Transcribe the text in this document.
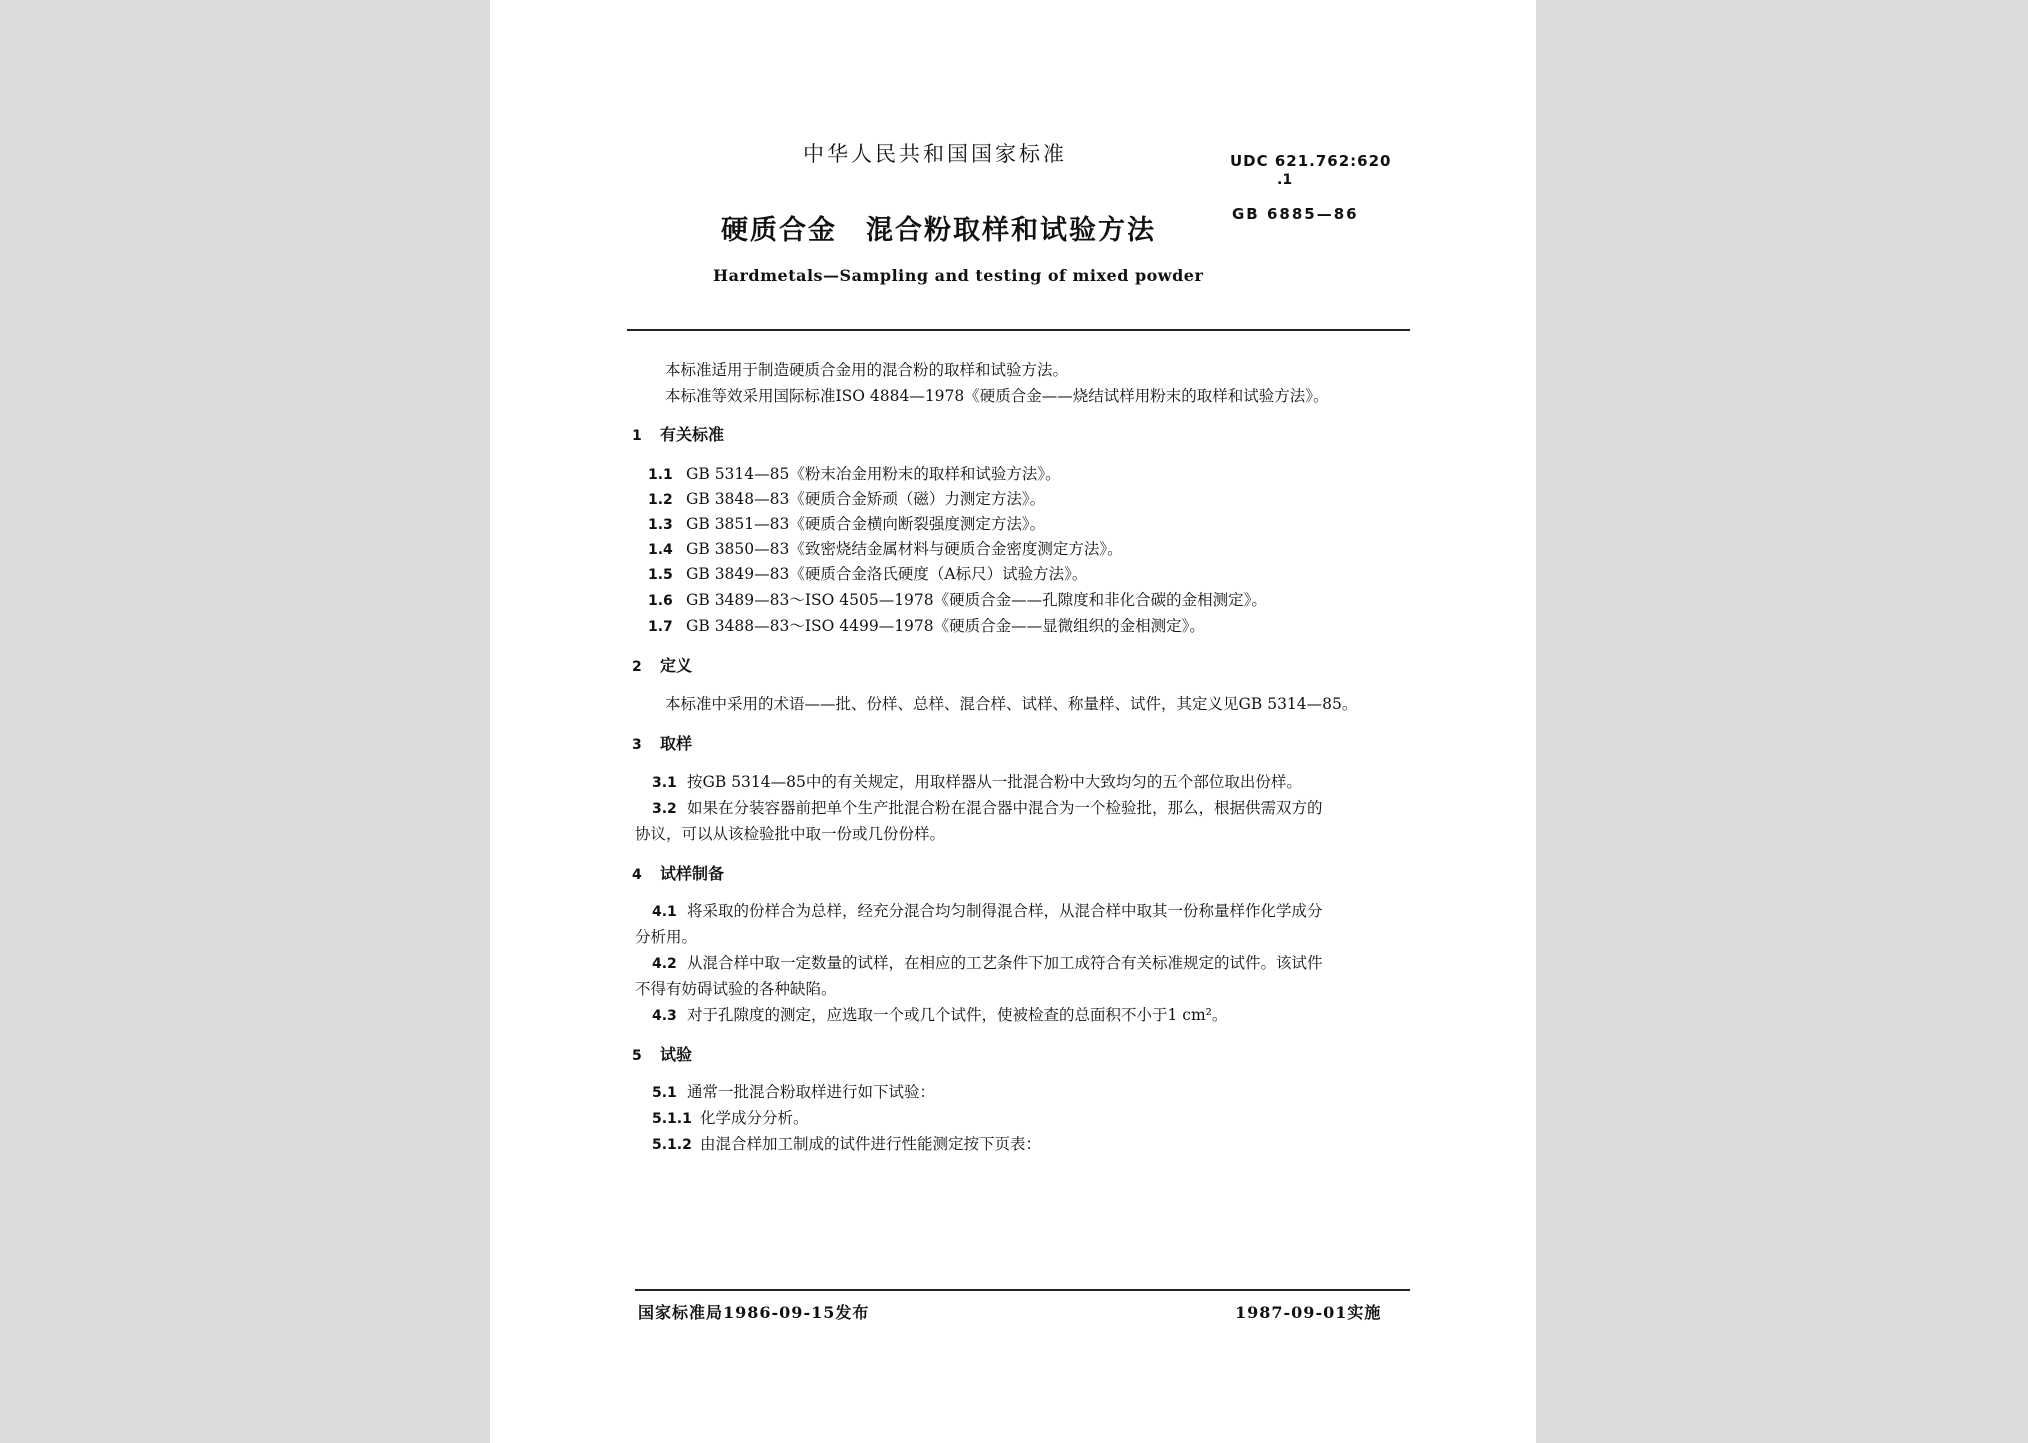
中华人民共和国国家标准	UDC 621.762:620
.1
GB 6885—86
硬质合金　混合粉取样和试验方法
Hardmetals—Sampling and testing of mixed powder
本标准适用于制造硬质合金用的混合粉的取样和试验方法。
本标准等效采用国际标准ISO 4884—1978《硬质合金——烧结试样用粉末的取样和试验方法》。
1 有关标准
1.1 GB 5314—85《粉末冶金用粉末的取样和试验方法》。
1.2 GB 3848—83《硬质合金矫顽（磁）力测定方法》。
1.3 GB 3851—83《硬质合金横向断裂强度测定方法》。
1.4 GB 3850—83《致密烧结金属材料与硬质合金密度测定方法》。
1.5 GB 3849—83《硬质合金洛氏硬度（A标尺）试验方法》。
1.6 GB 3489—83～ISO 4505—1978《硬质合金——孔隙度和非化合碳的金相测定》。
1.7 GB 3488—83～ISO 4499—1978《硬质合金——显微组织的金相测定》。
2 定义
本标准中采用的术语——批、份样、总样、混合样、试样、称量样、试件，其定义见GB 5314—85。
3 取样
3.1 按GB 5314—85中的有关规定，用取样器从一批混合粉中大致均匀的五个部位取出份样。
3.2 如果在分装容器前把单个生产批混合粉在混合器中混合为一个检验批，那么，根据供需双方的
协议，可以从该检验批中取一份或几份份样。
4 试样制备
4.1 将采取的份样合为总样，经充分混合均匀制得混合样，从混合样中取其一份称量样作化学成分
分析用。
4.2 从混合样中取一定数量的试样，在相应的工艺条件下加工成符合有关标准规定的试件。该试件
不得有妨碍试验的各种缺陷。
4.3 对于孔隙度的测定，应选取一个或几个试件，使被检查的总面积不小于1 cm²。
5 试验
5.1 通常一批混合粉取样进行如下试验：
5.1.1 化学成分分析。
5.1.2 由混合样加工制成的试件进行性能测定按下页表：
国家标准局1986-09-15发布	1987-09-01实施
